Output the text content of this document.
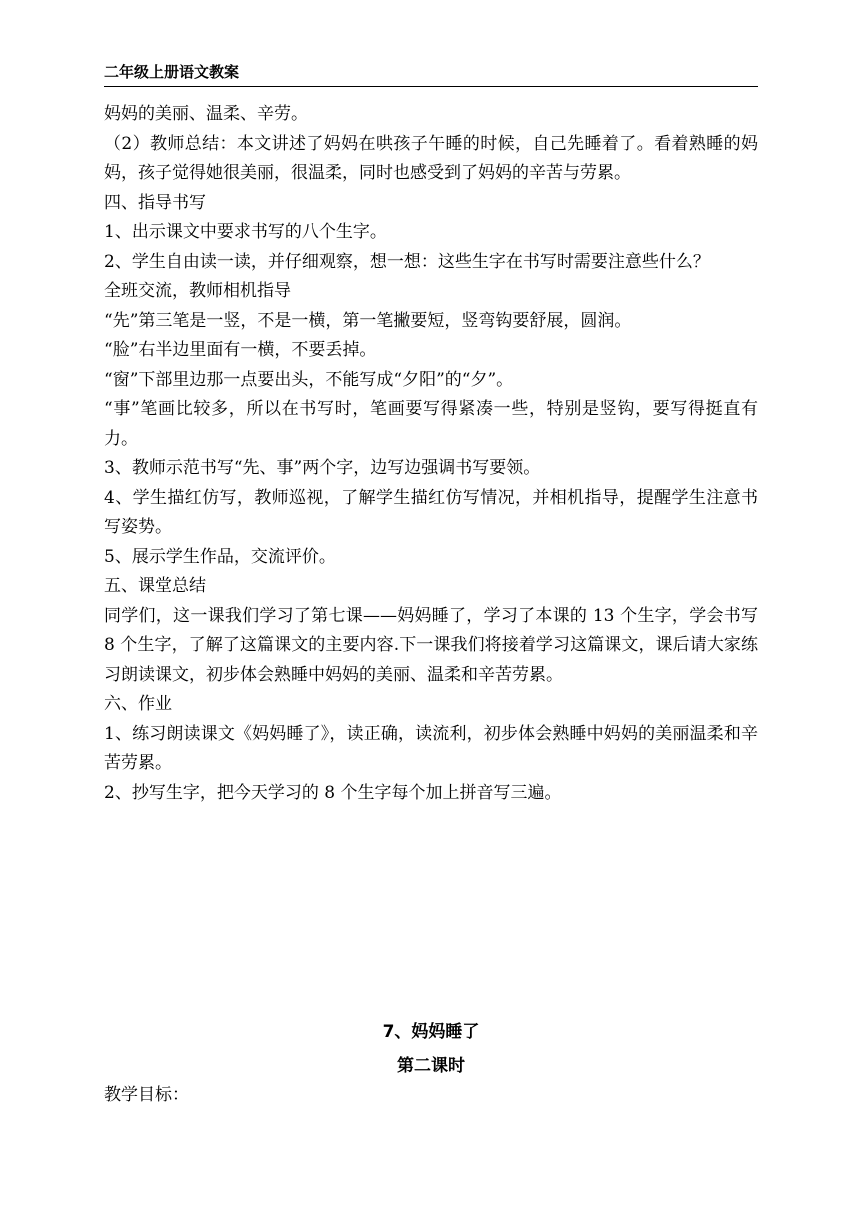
二年级上册语文教案

妈妈的美丽、温柔、辛劳。

（2）教师总结：本文讲述了妈妈在哄孩子午睡的时候，自己先睡着了。看着熟睡的妈妈，孩子觉得她很美丽，很温柔，同时也感受到了妈妈的辛苦与劳累。

四、指导书写

1、出示课文中要求书写的八个生字。

2、学生自由读一读，并仔细观察，想一想：这些生字在书写时需要注意些什么？

全班交流，教师相机指导

“先”第三笔是一竖，不是一横，第一笔撇要短，竖弯钩要舒展，圆润。

“脸”右半边里面有一横，不要丢掉。

“窗”下部里边那一点要出头，不能写成“夕阳”的“夕”。

“事”笔画比较多，所以在书写时，笔画要写得紧凑一些，特别是竖钩，要写得挺直有力。

3、教师示范书写“先、事”两个字，边写边强调书写要领。

4、学生描红仿写，教师巡视，了解学生描红仿写情况，并相机指导，提醒学生注意书写姿势。

5、展示学生作品，交流评价。

五、课堂总结

同学们，这一课我们学习了第七课——妈妈睡了，学习了本课的 13 个生字，学会书写 8 个生字，了解了这篇课文的主要内容.下一课我们将接着学习这篇课文，课后请大家练习朗读课文，初步体会熟睡中妈妈的美丽、温柔和辛苦劳累。

六、作业

1、练习朗读课文《妈妈睡了》，读正确，读流利，初步体会熟睡中妈妈的美丽温柔和辛苦劳累。

2、抄写生字，把今天学习的 8 个生字每个加上拼音写三遍。

7、妈妈睡了

第二课时

教学目标：
